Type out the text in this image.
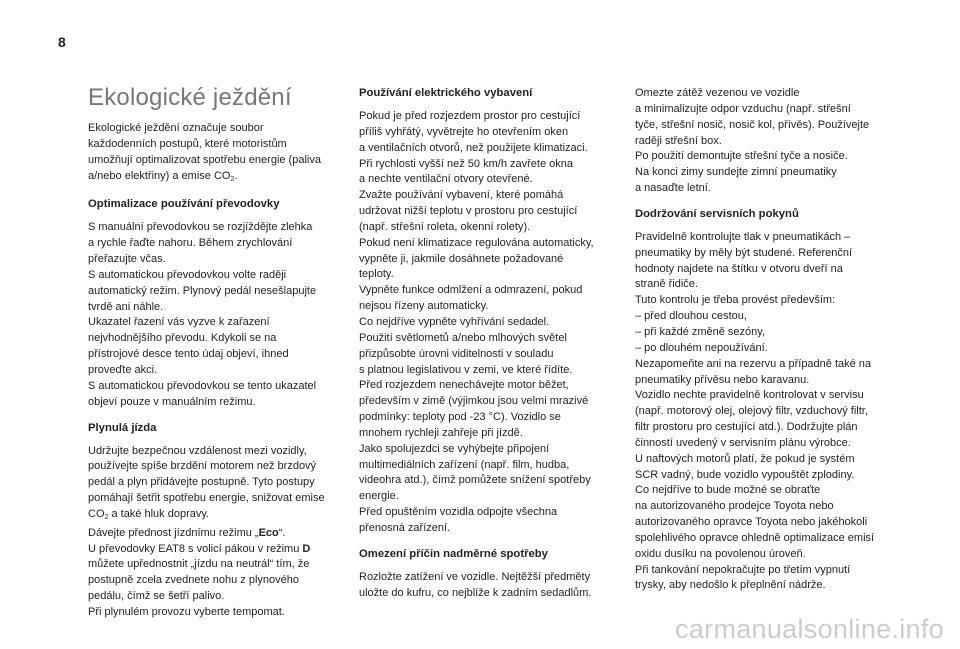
8
Ekologické ježdění

Ekologické ježdění označuje soubor
každodenních postupů, které motoristům
umožňují optimalizovat spotřebu energie (paliva
a/nebo elektřiny) a emise $CO_2$.

Optimalizace používání převodovky

S manuální převodovkou se rozjíždějte zlehka
a rychle řaďte nahoru. Během zrychlování
přeřazujte včas.
S automatickou převodovkou volte raději
automatický režim. Plynový pedál nesešlapujte
tvrdě ani náhle.
Ukazatel řazení vás vyzve k zařazení
nejvhodnějšího převodu. Kdykoli se na
přístrojové desce tento údaj objeví, ihned
proveďte akci.
S automatickou převodovkou se tento ukazatel
objeví pouze v manuálním režimu.

Plynulá jízda

Udržujte bezpečnou vzdálenost mezi vozidly,
používejte spíše brzdění motorem než brzdový
pedál a plyn přidávejte postupně. Tyto postupy
pomáhají šetřit spotřebu energie, snižovat emise
$CO_2$ a také hluk dopravy.
Dávejte přednost jízdnímu režimu „Eco“.
U převodovky EAT8 s volicí pákou v režimu D
můžete upřednostnit „jízdu na neutrál“ tím, že
postupně zcela zvednete nohu z plynového
pedálu, čímž se šetří palivo.
Při plynulém provozu vyberte tempomat.

Používání elektrického vybavení

Pokud je před rozjezdem prostor pro cestující
příliš vyhřátý, vyvětrejte ho otevřením oken
a ventilačních otvorů, než použijete klimatizaci.
Při rychlosti vyšší než 50 km/h zavřete okna
a nechte ventilační otvory otevřené.
Zvažte používání vybavení, které pomáhá
udržovat nižší teplotu v prostoru pro cestující
(např. střešní roleta, okenní rolety).
Pokud není klimatizace regulována automaticky,
vypněte ji, jakmile dosáhnete požadované
teploty.
Vypněte funkce odmlžení a odmrazení, pokud
nejsou řízeny automaticky.
Co nejdříve vypněte vyhřívání sedadel.
Použití světlometů a/nebo mlhových světel
přizpůsobte úrovni viditelnosti v souladu
s platnou legislativou v zemi, ve které řídíte.
Před rozjezdem nenechávejte motor běžet,
především v zimě (výjimkou jsou velmi mrazivé
podmínky: teploty pod -23 °C). Vozidlo se
mnohem rychleji zahřeje při jízdě.
Jako spolujezdci se vyhýbejte připojení
multimediálních zařízení (např. film, hudba,
videohra atd.), čímž pomůžete snížení spotřeby
energie.
Před opuštěním vozidla odpojte všechna
přenosná zařízení.

Omezení příčin nadměrné spotřeby

Rozložte zatížení ve vozidle. Nejtěžší předměty
uložte do kufru, co nejblíže k zadním sedadlům.

Omezte zátěž vezenou ve vozidle
a minimalizujte odpor vzduchu (např. střešní
tyče, střešní nosič, nosič kol, přívěs). Používejte
raději střešní box.
Po použití demontujte střešní tyče a nosiče.
Na konci zimy sundejte zimní pneumatiky
a nasaďte letní.

Dodržování servisních pokynů

Pravidelně kontrolujte tlak v pneumatikách –
pneumatiky by měly být studené. Referenční
hodnoty najdete na štítku v otvoru dveří na
straně řidiče.
Tuto kontrolu je třeba provést především:
– před dlouhou cestou,
– při každé změně sezóny,
– po dlouhém nepoužívání.
Nezapomeňte ani na rezervu a případně také na
pneumatiky přívěsu nebo karavanu.
Vozidlo nechte pravidelně kontrolovat v servisu
(např. motorový olej, olejový filtr, vzduchový filtr,
filtr prostoru pro cestující atd.). Dodržujte plán
činností uvedený v servisním plánu výrobce.
U naftových motorů platí, že pokud je systém
SCR vadný, bude vozidlo vypouštět zplodiny.
Co nejdříve to bude možné se obraťte
na autorizovaného prodejce Toyota nebo
autorizovaného opravce Toyota nebo jakéhokoli
spolehlivého opravce ohledně optimalizace emisí
oxidu dusíku na povolenou úroveň.
Při tankování nepokračujte po třetím vypnutí
trysky, aby nedošlo k přeplnění nádrže.

carmanualsonline.info
